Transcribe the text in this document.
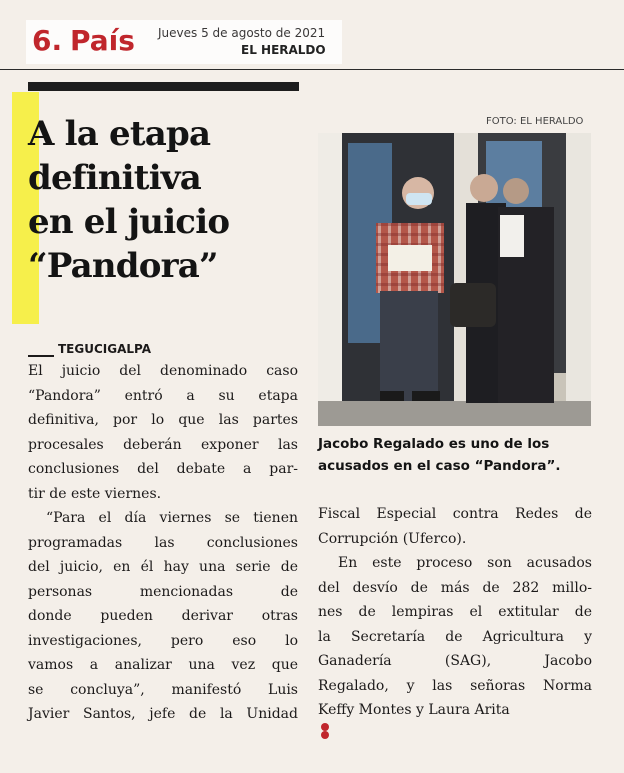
6. País Jueves 5 de agosto de 2021
EL HERALDO
A la etapa
definitiva
en el juicio
“Pandora”
FOTO: EL HERALDO
Jacobo Regalado es uno de los
acusados en el caso “Pandora”.
TEGUCIGALPA
El juicio del denominado caso
“Pandora” entró a su etapa
definitiva, por lo que las partes
procesales deberán exponer las
conclusiones del debate a par-
tir de este viernes.
“Para el día viernes se tienen
programadas las conclusiones
del juicio, en él hay una serie de
personas mencionadas de
donde pueden derivar otras
investigaciones, pero eso lo
vamos a analizar una vez que
se concluya”, manifestó Luis
Javier Santos, jefe de la Unidad
Fiscal Especial contra Redes de
Corrupción (Uferco).
En este proceso son acusados
del desvío de más de 282 millo-
nes de lempiras el extitular de
la Secretaría de Agricultura y
Ganadería (SAG), Jacobo
Regalado, y las señoras Norma
Keffy Montes y Laura Arita
